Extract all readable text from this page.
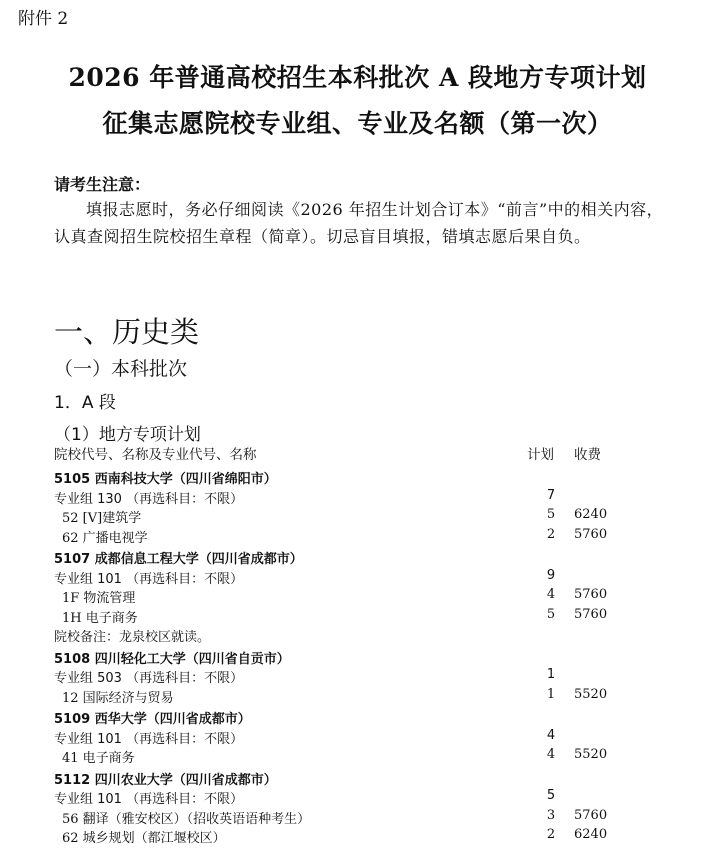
附件 2
2026 年普通高校招生本科批次 A 段地方专项计划
征集志愿院校专业组、专业及名额（第一次）
请考生注意：
填报志愿时，务必仔细阅读《2026 年招生计划合订本》“前言”中的相关内容，认真查阅招生院校招生章程（简章）。切忌盲目填报，错填志愿后果自负。
一、历史类
（一）本科批次
1．A 段
（1）地方专项计划
院校代号、名称及专业代号、名称	计划 收费
5105 西南科技大学（四川省绵阳市）
专业组 130 （再选科目：不限）	7
52 [V]建筑学	5 6240
62 广播电视学	2 5760
5107 成都信息工程大学（四川省成都市）
专业组 101 （再选科目：不限）	9
1F 物流管理	4 5760
1H 电子商务	5 5760
院校备注：龙泉校区就读。
5108 四川轻化工大学（四川省自贡市）
专业组 503 （再选科目：不限）	1
12 国际经济与贸易	1 5520
5109 西华大学（四川省成都市）
专业组 101 （再选科目：不限）	4
41 电子商务	4 5520
5112 四川农业大学（四川省成都市）
专业组 101 （再选科目：不限）	5
56 翻译（雅安校区）（招收英语语种考生）	3 5760
62 城乡规划（都江堰校区）	2 6240
